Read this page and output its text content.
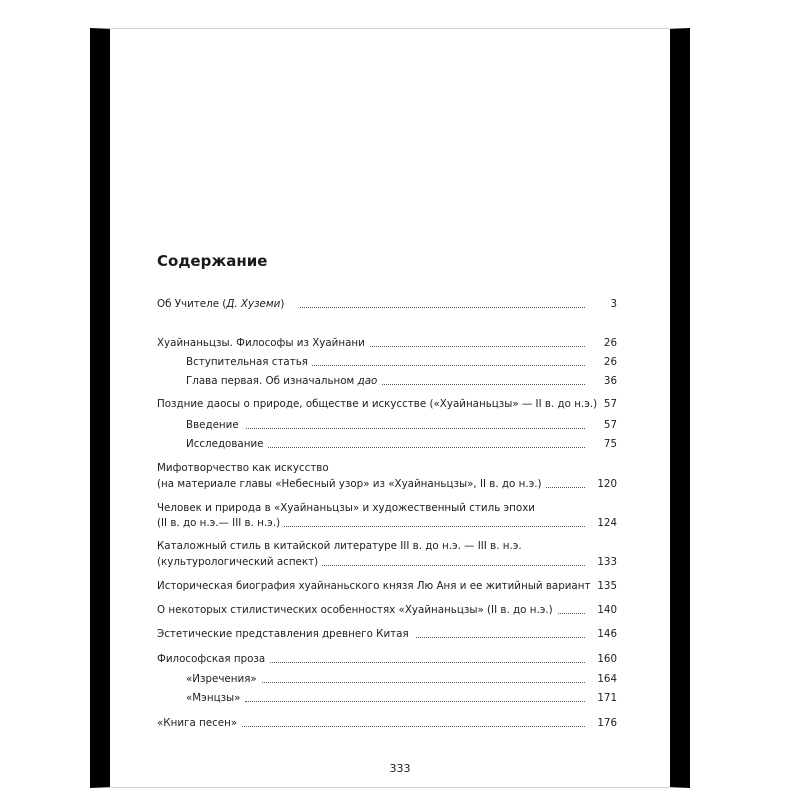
Содержание
Об Учителе (Д. Хуземи)	3
Хуайнаньцзы. Философы из Хуайнани	26
Вступительная статья	26
Глава первая. Об изначальном дао	36
Поздние даосы о природе, обществе и искусстве («Хуайнаньцзы» — II в. до н.э.) 57
Введение	57
Исследование	75
Мифотворчество как искусство
(на материале главы «Небесный узор» из «Хуайнаньцзы», II в. до н.э.)	120
Человек и природа в «Хуайнаньцзы» и художественный стиль эпохи
(II в. до н.э.— III в. н.э.)	124
Каталожный стиль в китайской литературе III в. до н.э. — III в. н.э.
(культурологический аспект)	133
Историческая биография хуайнаньского князя Лю Аня и ее житийный вариант 135
О некоторых стилистических особенностях «Хуайнаньцзы» (II в. до н.э.)	140
Эстетические представления древнего Китая	146
Философская проза	160
«Изречения»	164
«Мэнцзы»	171
«Книга песен»	176
333
